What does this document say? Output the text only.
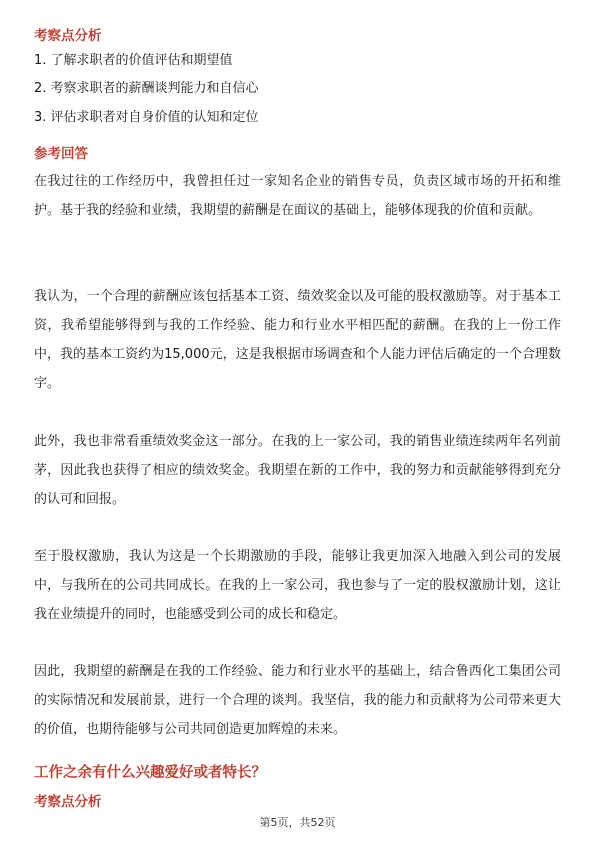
考察点分析
1. 了解求职者的价值评估和期望值
2. 考察求职者的薪酬谈判能力和自信心
3. 评估求职者对自身价值的认知和定位
参考回答
在我过往的工作经历中，我曾担任过一家知名企业的销售专员，负责区域市场的开拓和维护。基于我的经验和业绩，我期望的薪酬是在面议的基础上，能够体现我的价值和贡献。
我认为，一个合理的薪酬应该包括基本工资、绩效奖金以及可能的股权激励等。对于基本工资，我希望能够得到与我的工作经验、能力和行业水平相匹配的薪酬。在我的上一份工作中，我的基本工资约为15,000元，这是我根据市场调查和个人能力评估后确定的一个合理数字。
此外，我也非常看重绩效奖金这一部分。在我的上一家公司，我的销售业绩连续两年名列前茅，因此我也获得了相应的绩效奖金。我期望在新的工作中，我的努力和贡献能够得到充分的认可和回报。
至于股权激励，我认为这是一个长期激励的手段，能够让我更加深入地融入到公司的发展中，与我所在的公司共同成长。在我的上一家公司，我也参与了一定的股权激励计划，这让我在业绩提升的同时，也能感受到公司的成长和稳定。
因此，我期望的薪酬是在我的工作经验、能力和行业水平的基础上，结合鲁西化工集团公司的实际情况和发展前景，进行一个合理的谈判。我坚信，我的能力和贡献将为公司带来更大的价值，也期待能够与公司共同创造更加辉煌的未来。
工作之余有什么兴趣爱好或者特长？
考察点分析
第5页，共52页
